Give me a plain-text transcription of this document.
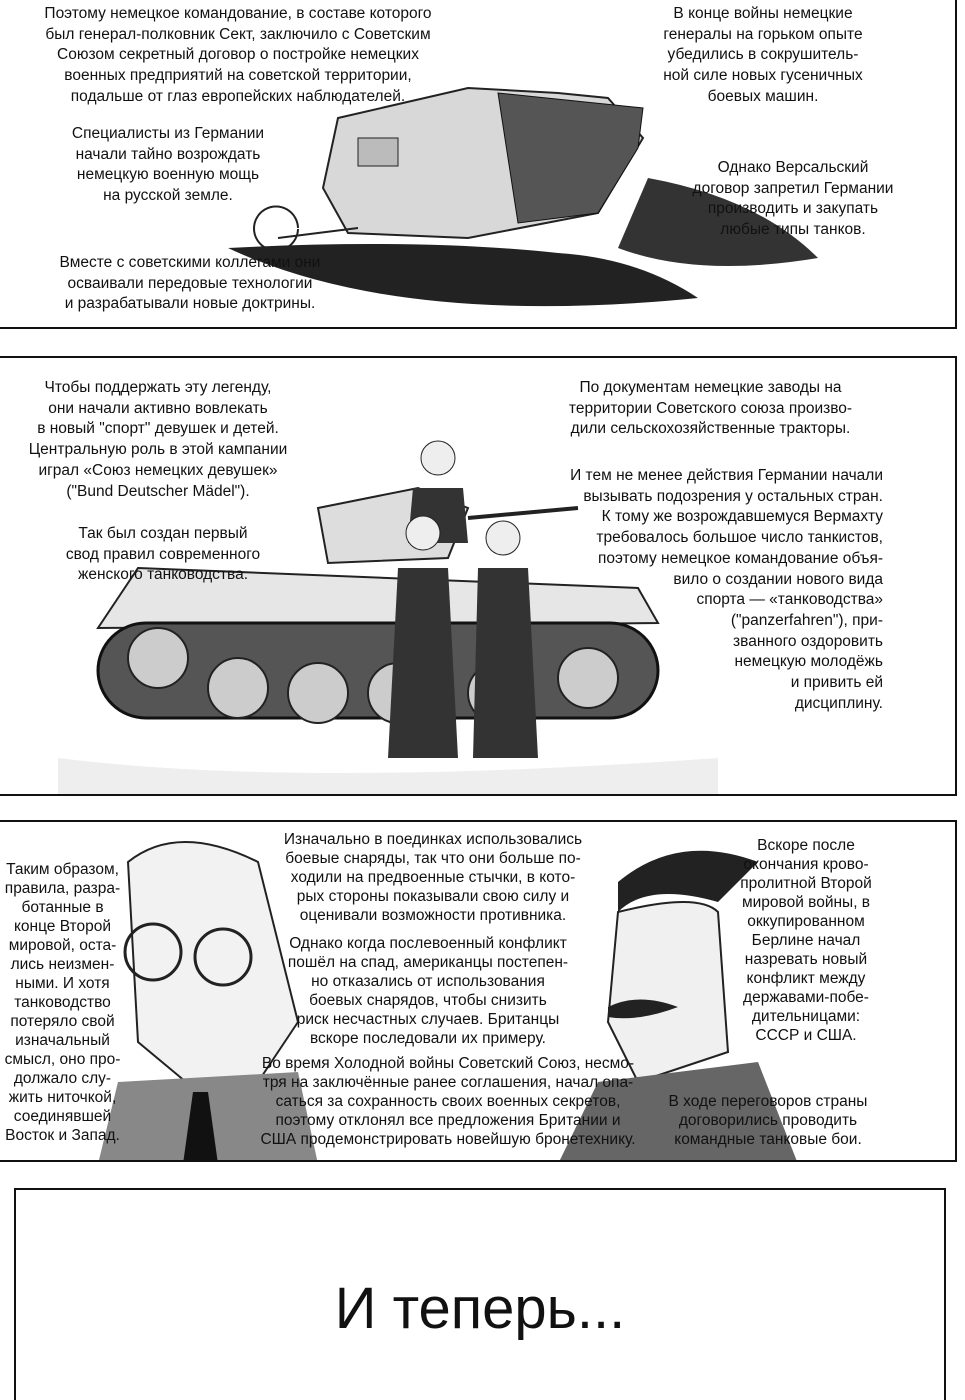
Поэтому немецкое командование, в составе которого
был генерал-полковник Сект, заключило с Советским
Союзом секретный договор о постройке немецких
военных предприятий на советской территории,
подальше от глаз европейских наблюдателей.
Специалисты из Германии
начали тайно возрождать
немецкую военную мощь
на русской земле.
Вместе с советскими коллегами они
осваивали передовые технологии
и разрабатывали новые доктрины.
В конце войны немецкие
генералы на горьком опыте
убедились в сокрушитель-
ной силе новых гусеничных
боевых машин.
Однако Версальский
договор запретил Германии
производить и закупать
любые типы танков.
Чтобы поддержать эту легенду,
они начали активно вовлекать
в новый "спорт" девушек и детей.
Центральную роль в этой кампании
играл «Союз немецких девушек»
("Bund Deutscher Mädel").
Так был создан первый
свод правил современного
женского танководства.
По документам немецкие заводы на
территории Советского союза произво-
дили сельскохозяйственные тракторы.
И тем не менее действия Германии начали
вызывать подозрения у остальных стран.
К тому же возрождавшемуся Вермахту
требовалось большое число танкистов,
поэтому немецкое командование объя-
вило о создании нового вида
спорта — «танководства»
("panzerfahren"), при-
званного оздоровить
немецкую молодёжь
и привить ей
дисциплину.
Таким образом,
правила, разра-
ботанные в
конце Второй
мировой, оста-
лись неизмен-
ными. И хотя
танководство
потеряло свой
изначальный
смысл, оно про-
должало слу-
жить ниточкой,
соединявшей
Восток и Запад.
Изначально в поединках использовались
боевые снаряды, так что они больше по-
ходили на предвоенные стычки, в кото-
рых стороны показывали свою силу и
оценивали возможности противника.
Однако когда послевоенный конфликт
пошёл на спад, американцы постепен-
но отказались от использования
боевых снарядов, чтобы снизить
риск несчастных случаев. Британцы
вскоре последовали их примеру.
Во время Холодной войны Советский Союз, несмо-
тря на заключённые ранее соглашения, начал опа-
саться за сохранность своих военных секретов,
поэтому отклонял все предложения Британии и
США продемонстрировать новейшую бронетехнику.
Вскоре после
окончания крово-
пролитной Второй
мировой войны, в
оккупированном
Берлине начал
назревать новый
конфликт между
державами-побе-
дительницами:
СССР и США.
В ходе переговоров страны
договорились проводить
командные танковые бои.
И теперь...
